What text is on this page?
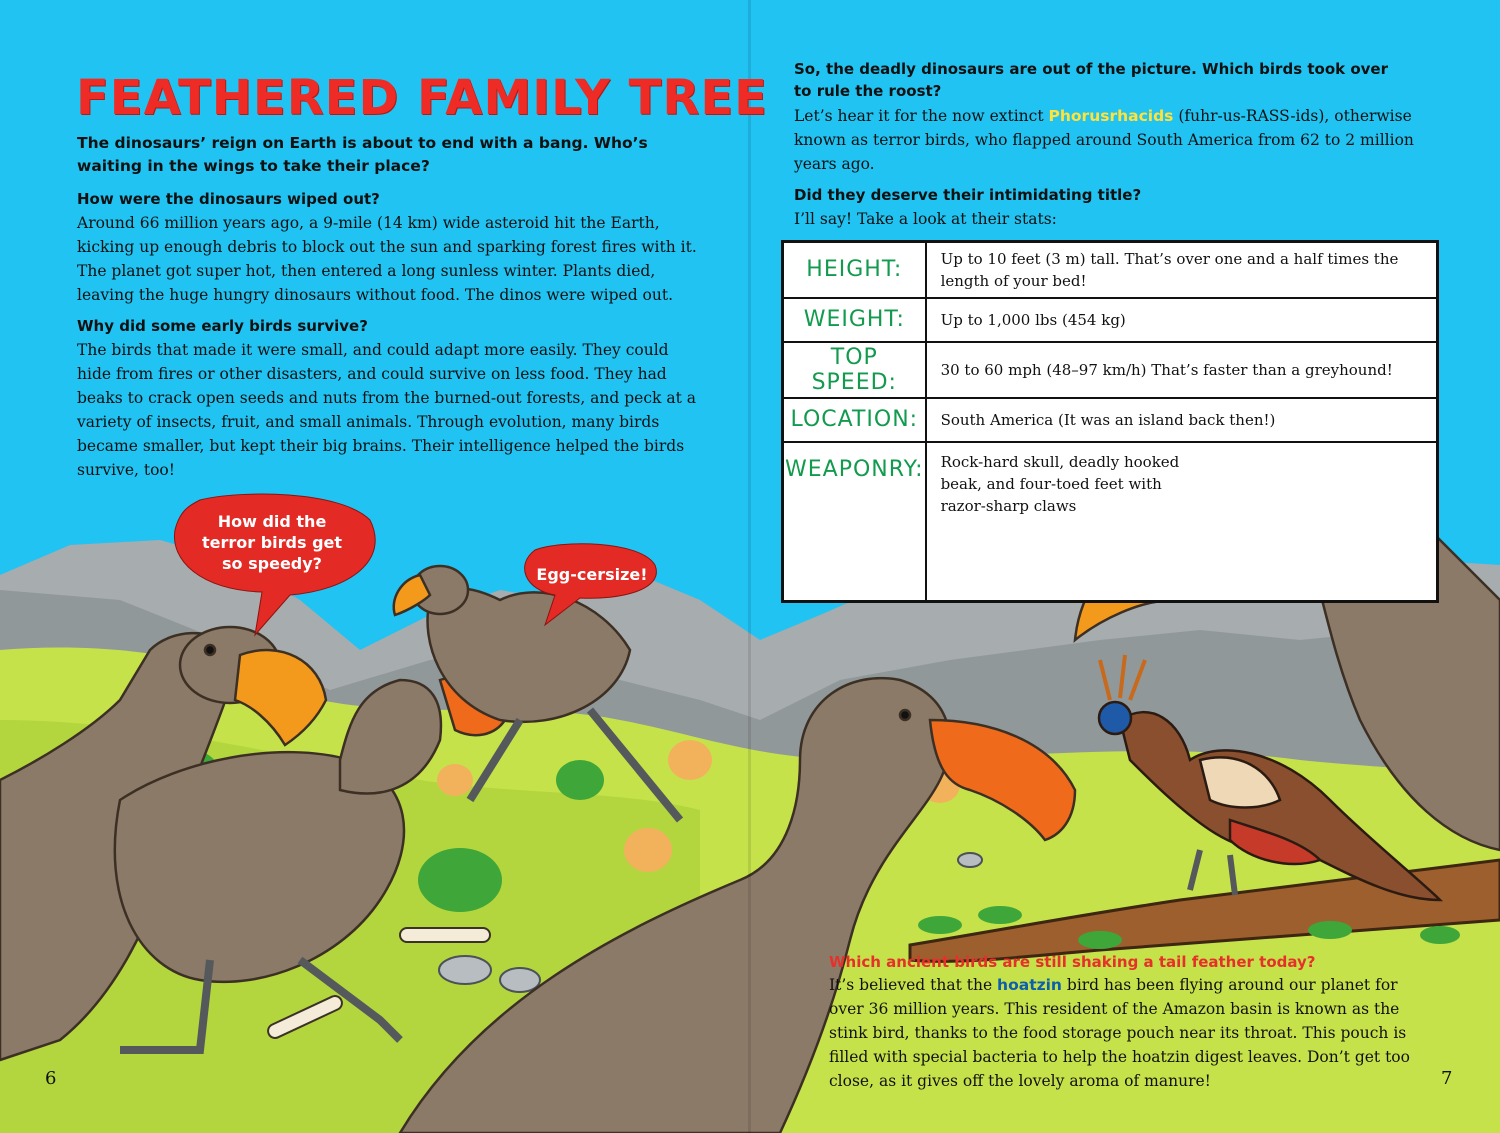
How did the
terror birds get
so speedy?
Egg-cersize!
FEATHERED FAMILY TREE

The dinosaurs’ reign on Earth is about to end with a bang. Who’s waiting in the wings to take their place?

How were the dinosaurs wiped out?

Around 66 million years ago, a 9-mile (14 km) wide asteroid hit the Earth, kicking up enough debris to block out the sun and sparking forest fires with it. The planet got super hot, then entered a long sunless winter. Plants died, leaving the huge hungry dinosaurs without food. The dinos were wiped out.

Why did some early birds survive?

The birds that made it were small, and could adapt more easily. They could hide from fires or other disasters, and could survive on less food. They had beaks to crack open seeds and nuts from the burned-out forests, and peck at a variety of insects, fruit, and small animals. Through evolution, many birds became smaller, but kept their big brains. Their intelligence helped the birds survive, too!

6

So, the deadly dinosaurs are out of the picture. Which birds took over to rule the roost?

Let’s hear it for the now extinct Phorusrhacids (fuhr-us-RASS-ids), otherwise known as terror birds, who flapped around South America from 62 to 2 million years ago.

Did they deserve their intimidating title?

I’ll say! Take a look at their stats:

HEIGHT:	Up to 10 feet (3 m) tall. That’s over one and a half times the length of your bed!
WEIGHT:	Up to 1,000 lbs (454 kg)
TOP SPEED:	30 to 60 mph (48–97 km/h) That’s faster than a greyhound!
LOCATION:	South America (It was an island back then!)
WEAPONRY:	Rock-hard skull, deadly hooked beak, and four-toed feet with razor-sharp claws

Which ancient birds are still shaking a tail feather today?

It’s believed that the hoatzin bird has been flying around our planet for over 36 million years. This resident of the Amazon basin is known as the stink bird, thanks to the food storage pouch near its throat. This pouch is filled with special bacteria to help the hoatzin digest leaves. Don’t get too close, as it gives off the lovely aroma of manure!	7
